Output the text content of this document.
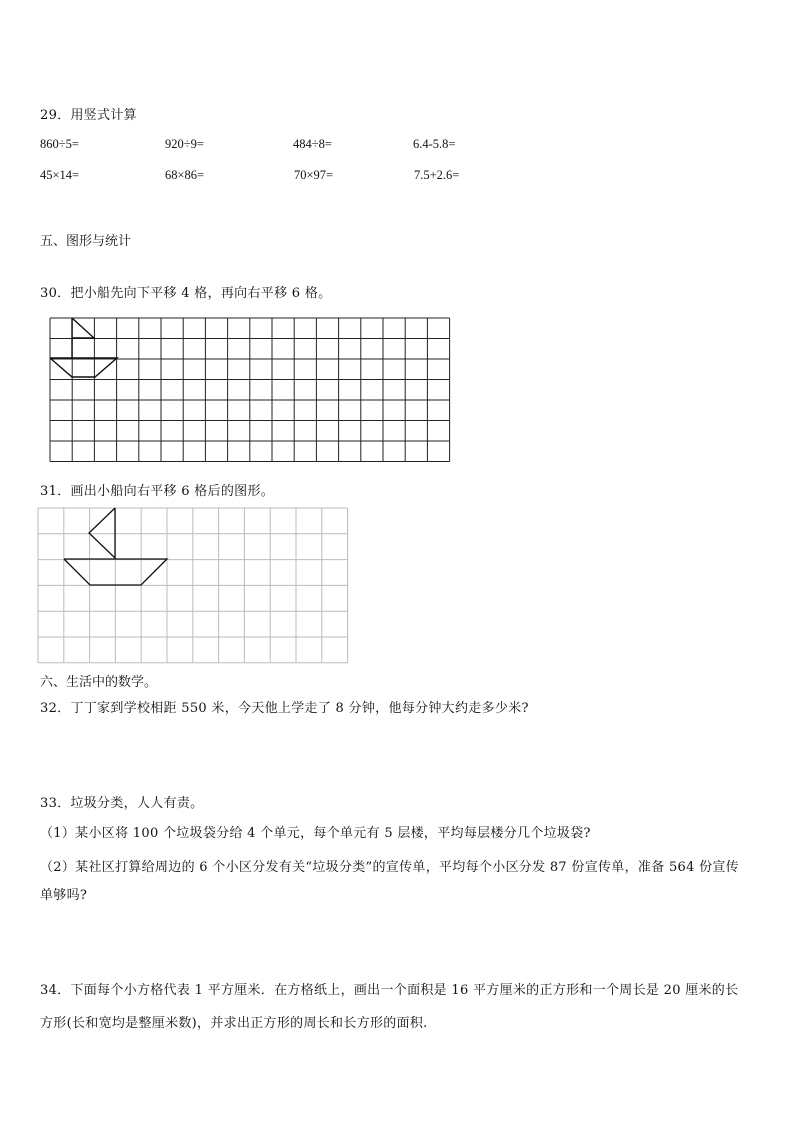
29．用竖式计算
860÷5=	920÷9=	484÷8=	6.4-5.8=
45×14=	68×86=	70×97=	7.5+2.6=
五、图形与统计
30．把小船先向下平移 4 格，再向右平移 6 格。
31．画出小船向右平移 6 格后的图形。
六、生活中的数学。
32．丁丁家到学校相距 550 米，今天他上学走了 8 分钟，他每分钟大约走多少米?
33．垃圾分类，人人有责。
（1）某小区将 100 个垃圾袋分给 4 个单元，每个单元有 5 层楼，平均每层楼分几个垃圾袋?
（2）某社区打算给周边的 6 个小区分发有关“垃圾分类”的宣传单，平均每个小区分发 87 份宣传单，准备 564 份宣传
单够吗?
34．下面每个小方格代表 1 平方厘米．在方格纸上，画出一个面积是 16 平方厘米的正方形和一个周长是 20 厘米的长
方形(长和宽均是整厘米数)，并求出正方形的周长和长方形的面积.
